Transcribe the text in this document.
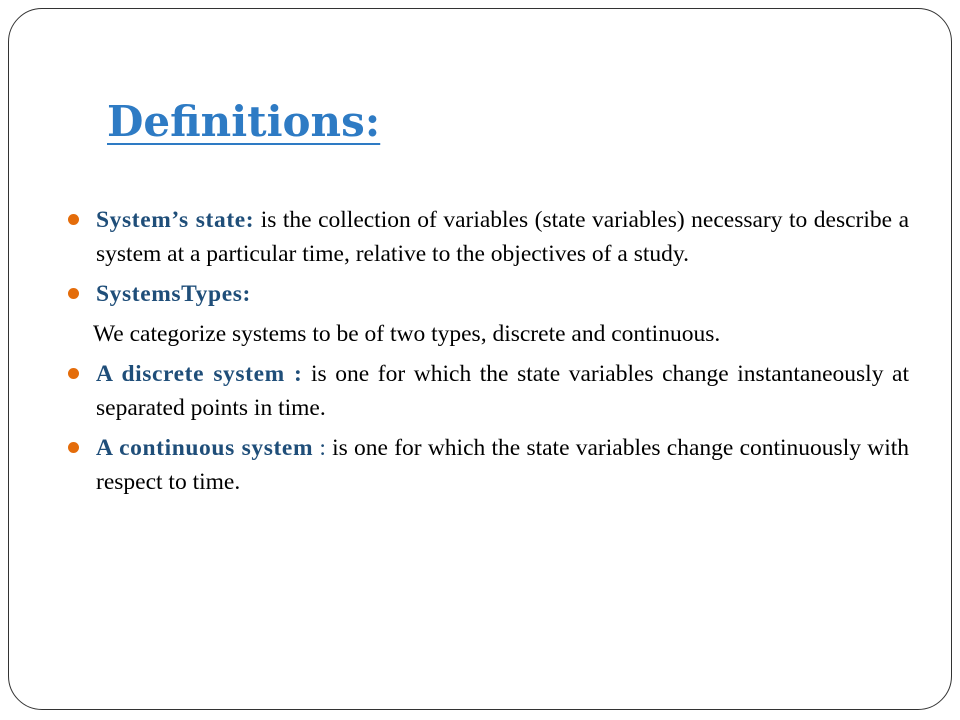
Definitions:
System’s state: is the collection of variables (state variables) necessary to describe a system at a particular time, relative to the objectives of a study.
SystemsTypes:
We categorize systems to be of two types, discrete and continuous.
A discrete system : is one for which the state variables change instantaneously at separated points in time.
A continuous system : is one for which the state variables change continuously with respect to time.
